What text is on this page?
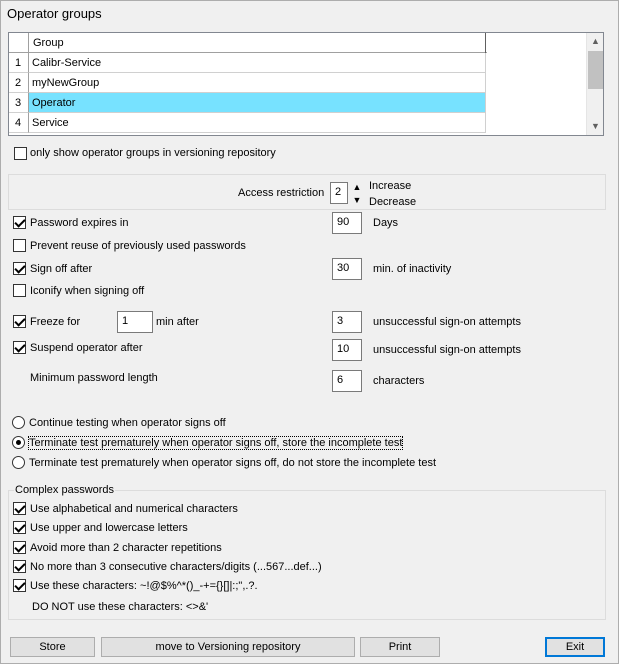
Operator groups
Group
1 Calibr-Service
2 myNewGroup
3 Operator
4 Service
▲
▼
only show operator groups in versioning repository
Access restriction 2	▲
▼
Increase
Decrease
Password expires in	90	Days
Prevent reuse of previously used passwords
Sign off after	30	min. of inactivity
Iconify when signing off
Freeze for	1	min after	3	unsuccessful sign-on attempts
Suspend operator after	10	unsuccessful sign-on attempts
Minimum password length	6	characters
Continue testing when operator signs off
Terminate test prematurely when operator signs off, store the incomplete test
Terminate test prematurely when operator signs off, do not store the incomplete test
Complex passwords
Use alphabetical and numerical characters
Use upper and lowercase letters
Avoid more than 2 character repetitions
No more than 3 consecutive characters/digits (...567...def...)
Use these characters: ~!@$%^*()_-+={}[]|:;",.?.
DO NOT use these characters: <>&'
Store	move to Versioning repository	Print	Exit
